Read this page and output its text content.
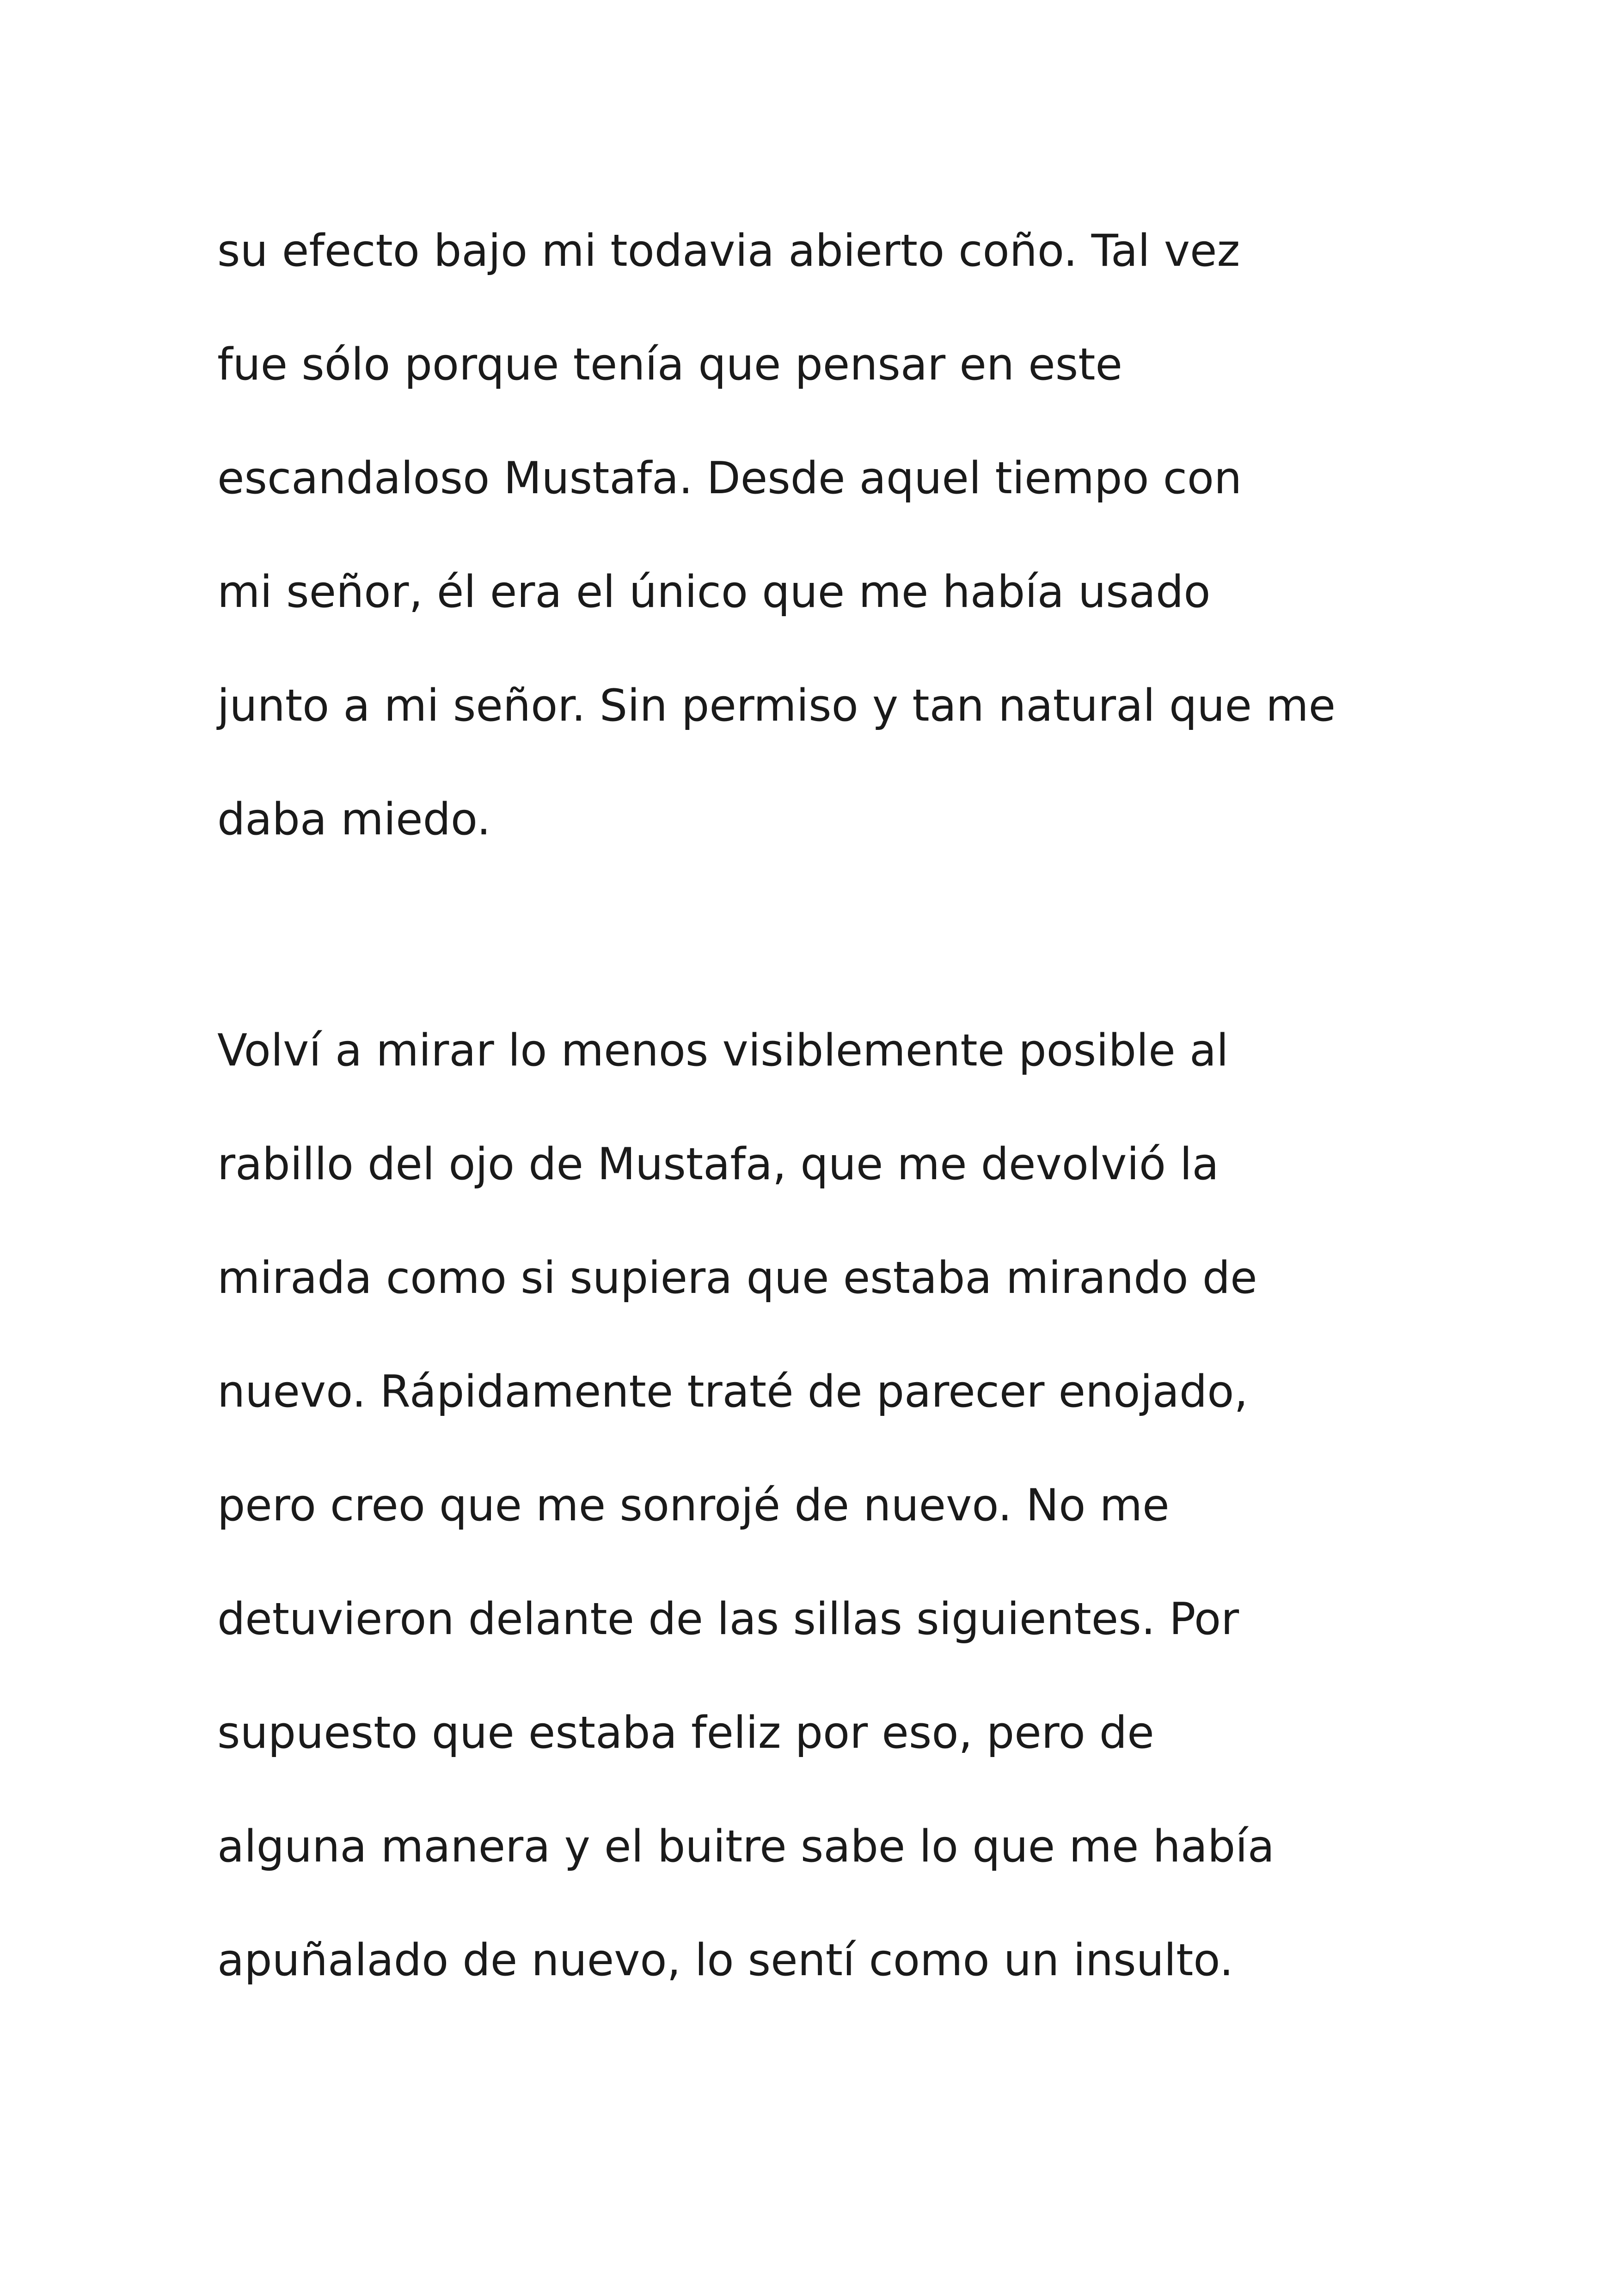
su efecto bajo mi todavia abierto coño. Tal vez
fue sólo porque tenía que pensar en este
escandaloso Mustafa. Desde aquel tiempo con
mi señor, él era el único que me había usado
junto a mi señor. Sin permiso y tan natural que me
daba miedo.
Volví a mirar lo menos visiblemente posible al
rabillo del ojo de Mustafa, que me devolvió la
mirada como si supiera que estaba mirando de
nuevo. Rápidamente traté de parecer enojado,
pero creo que me sonrojé de nuevo. No me
detuvieron delante de las sillas siguientes. Por
supuesto que estaba feliz por eso, pero de
alguna manera y el buitre sabe lo que me había
apuñalado de nuevo, lo sentí como un insulto.
